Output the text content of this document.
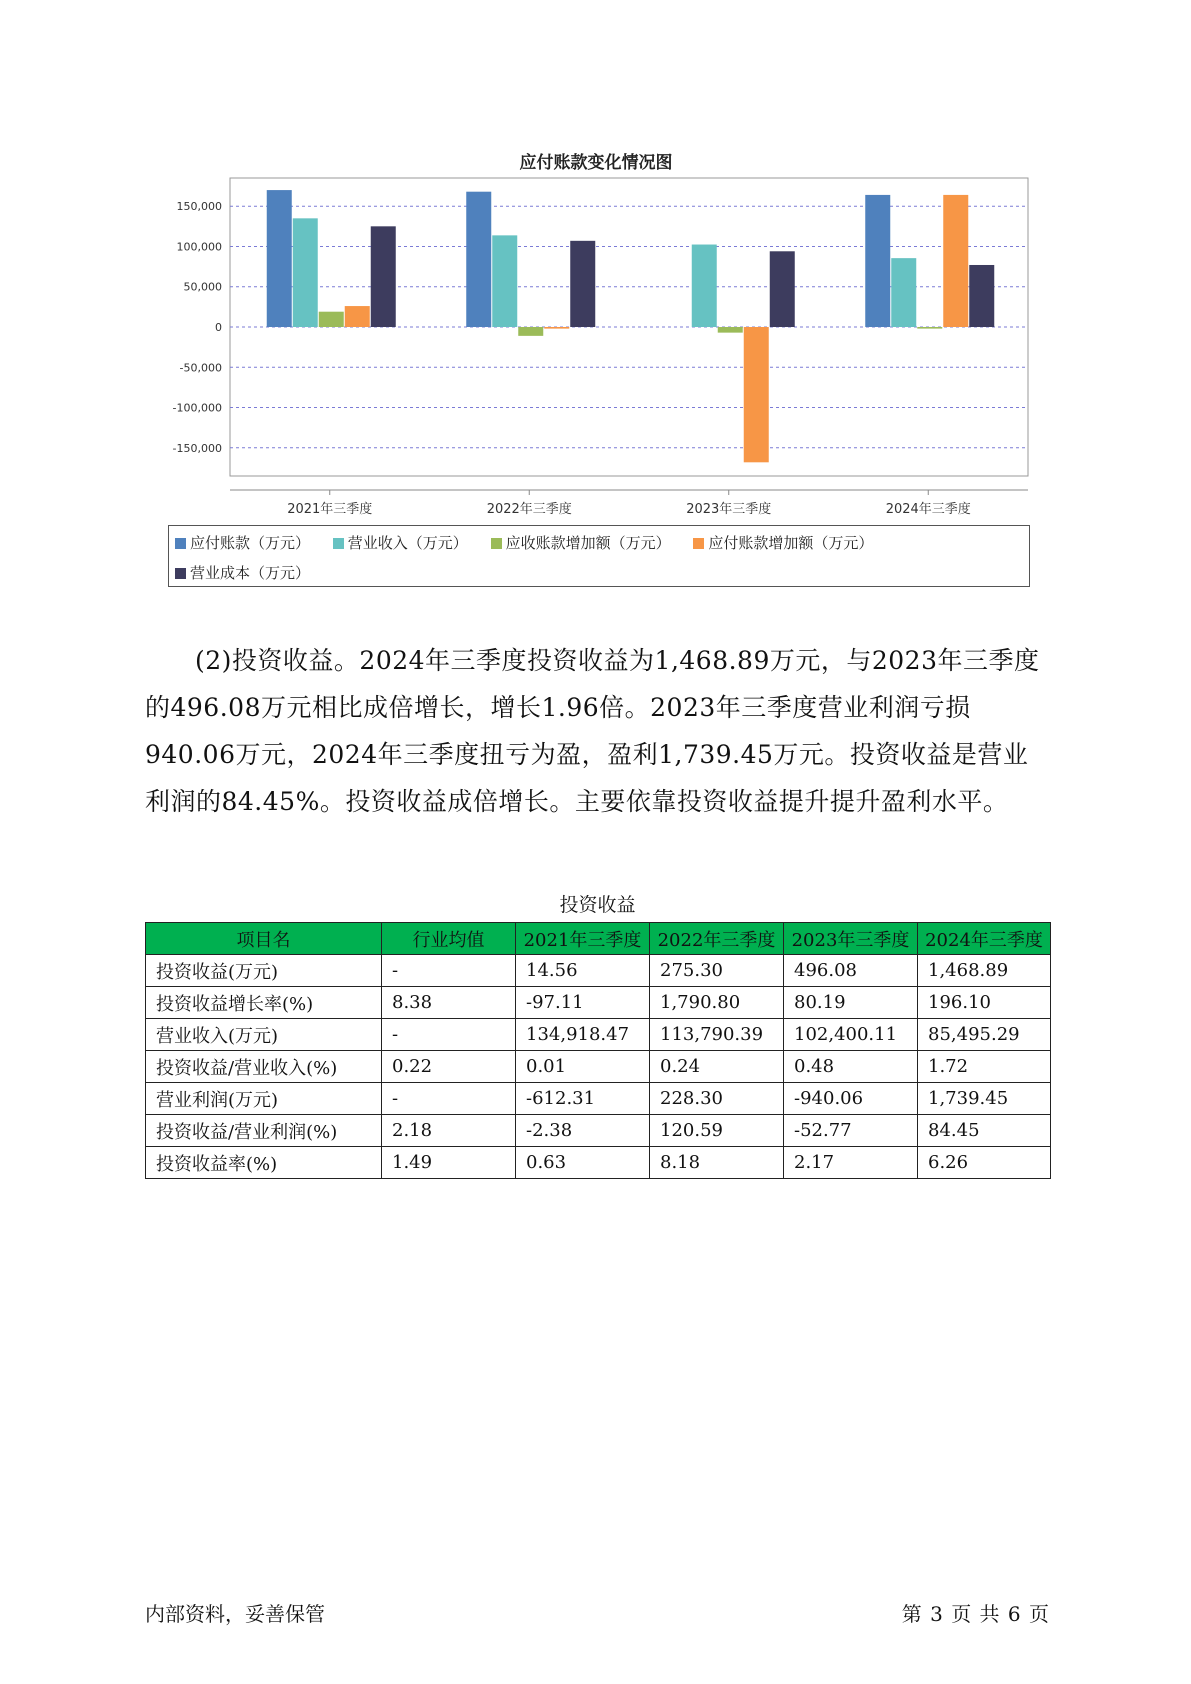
应付账款变化情况图
150,000
100,000
50,000
0
-50,000
-100,000
-150,000
2021年三季度	2022年三季度	2023年三季度	2024年三季度
应付账款（万元）	营业收入（万元）	应收账款增加额（万元）	应付账款增加额（万元）
营业成本（万元）
(2)投资收益。2024年三季度投资收益为1,468.89万元，与2023年三季度的496.08万元相比成倍增长，增长1.96倍。2023年三季度营业利润亏损940.06万元，2024年三季度扭亏为盈，盈利1,739.45万元。投资收益是营业利润的84.45%。投资收益成倍增长。主要依靠投资收益提升提升盈利水平。
投资收益
项目名	行业均值	2021年三季度	2022年三季度	2023年三季度	2024年三季度
投资收益(万元)	-	14.56	275.30	496.08	1,468.89
投资收益增长率(%)	8.38	-97.11	1,790.80	80.19	196.10
营业收入(万元)	-	134,918.47	113,790.39	102,400.11	85,495.29
投资收益/营业收入(%)	0.22	0.01	0.24	0.48	1.72
营业利润(万元)	-	-612.31	228.30	-940.06	1,739.45
投资收益/营业利润(%)	2.18	-2.38	120.59	-52.77	84.45
投资收益率(%)	1.49	0.63	8.18	2.17	6.26
内部资料，妥善保管	第 3 页 共 6 页
